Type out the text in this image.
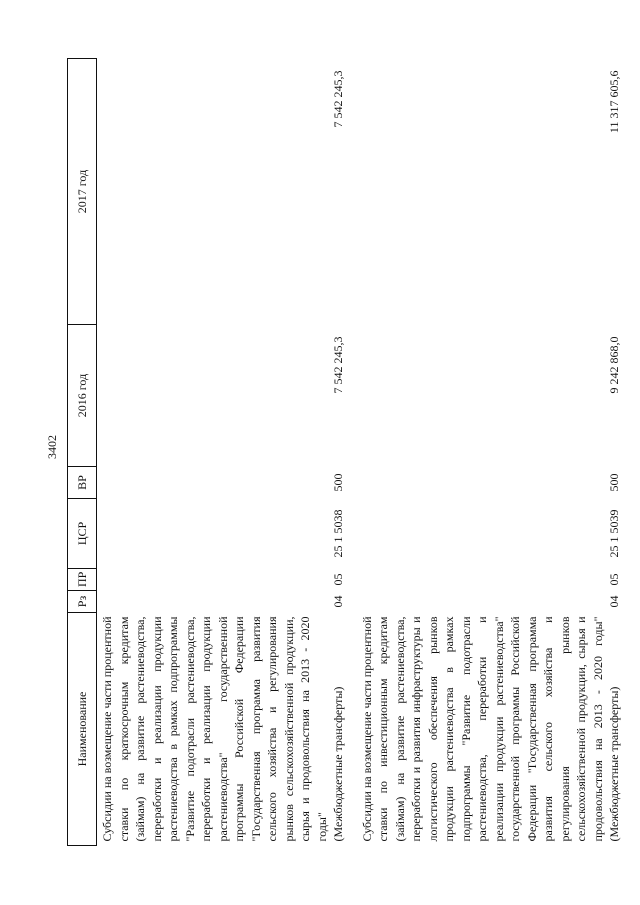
3402
Наименование	Рз	ПР	ЦСР	ВР	2016 год	2017 год

Субсидии на возмещение части процентной ставки по краткосрочным кредитам (займам) на развитие растениеводства, переработки и реализации продукции растениеводства в рамках подпрограммы "Развитие подотрасли растениеводства, переработки и реализации продукции растениеводства" государственной программы Российской Федерации "Государственная программа развития сельского хозяйства и регулирования рынков сельскохозяйственной продукции, сырья и продовольствия на 2013 - 2020 годы" (Межбюджетные трансферты)	04	05	25 1 5038	500	7 542 245,3	7 542 245,3

Субсидии на возмещение части процентной ставки по инвестиционным кредитам (займам) на развитие растениеводства, переработки и развития инфраструктуры и логистического обеспечения рынков продукции растениеводства в рамках подпрограммы "Развитие подотрасли растениеводства, переработки и реализации продукции растениеводства" государственной программы Российской Федерации "Государственная программа развития сельского хозяйства и регулирования рынков сельскохозяйственной продукции, сырья и продовольствия на 2013 - 2020 годы" (Межбюджетные трансферты)	04	05	25 1 5039	500	9 242 868,0	11 317 605,6
